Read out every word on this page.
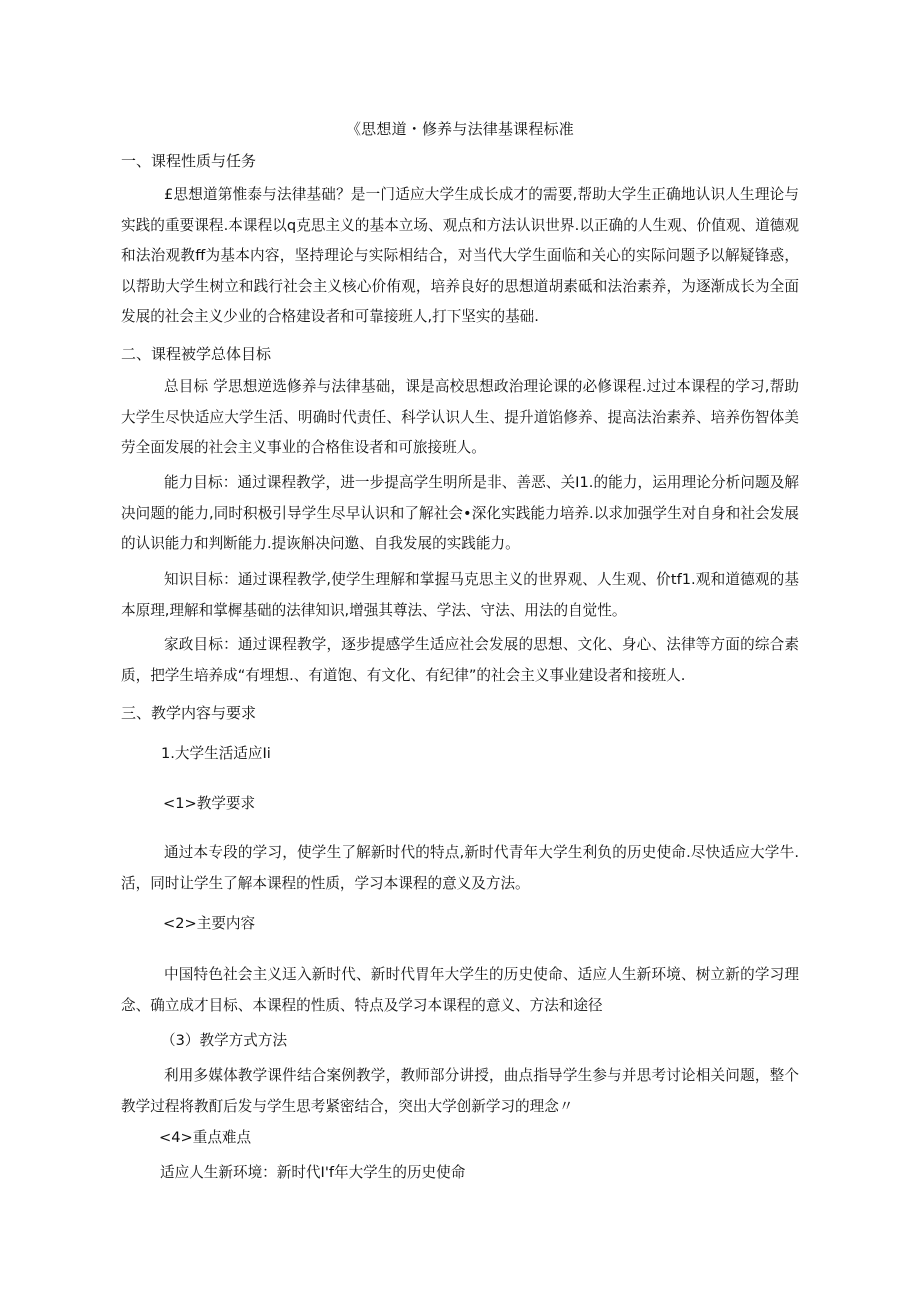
《思想道・修养与法律基课程标准
一、课程性质与任务
£思想道第惟泰与法律基础？是一门适应大学生成长成才的需要,帮助大学生正确地认识人生理论与实践的重要课程.本课程以q克思主义的基本立场、观点和方法认识世界.以正确的人生观、价值观、道德观和法治观教ff为基本内容，坚持理论与实际相结合，对当代大学生面临和关心的实际问题予以解疑锋惑，以帮助大学生树立和践行社会主义核心价侑观，培养良好的思想道胡素砥和法治素养，为逐渐成长为全面发展的社会主义少业的合格建设者和可靠接班人,打下坚实的基础.
二、课程被学总体目标
总目标 学思想逆选修养与法律基础，课是高校思想政治理论课的必修课程.过过本课程的学习,帮助大学生尽快适应大学生活、明确时代责任、科学认识人生、提升道馅修养、提高法治素养、培养伤智体美劳全面发展的社会主义事业的合格隹设者和可旅接班人。
能力目标：通过课程教学，进一步提高学生明所是非、善恶、关I1.的能力，运用理论分析问题及解决问题的能力,同时积极引导学生尽早认识和了解社会•深化实践能力培养.以求加强学生对自身和社会发展的认识能力和判断能力.提诙斛决问邀、自我发展的实践能力。
知识目标：通过课程教学,使学生理解和掌握马克思主义的世界观、人生观、价tf1.观和道德观的基本原理,理解和掌樨基础的法律知识,增强其尊法、学法、守法、用法的自觉性。
家政目标：通过课程教学，逐步提感学生适应社会发展的思想、文化、身心、法律等方面的综合素质，把学生培养成“有埋想.、有道饱、有文化、有纪律”的社会主义事业建设者和接班人.
三、教学内容与要求
1.大学生活适应Ii
<1>教学要求
通过本专段的学习，使学生了解新时代的特点,新时代青年大学生利负的历史使命.尽快适应大学牛.活，同时让学生了解本课程的性质，学习本课程的意义及方法。
<2>主要内容
中国特色社会主义迋入新时代、新时代胃年大学生的历史使命、适应人生新环境、树立新的学习理念、确立成才目标、本课程的性质、特点及学习本课程的意义、方法和途径
（3）教学方式方法
利用多媒体教学课件结合案例教学，教师部分讲授，曲点指导学生参与并思考讨论相关问题，整个教学过程将教酊后发与学生思考紧密结合，突出大学创新学习的理念〃
<4>重点难点
适应人生新环境：新时代I'f年大学生的历史使命
